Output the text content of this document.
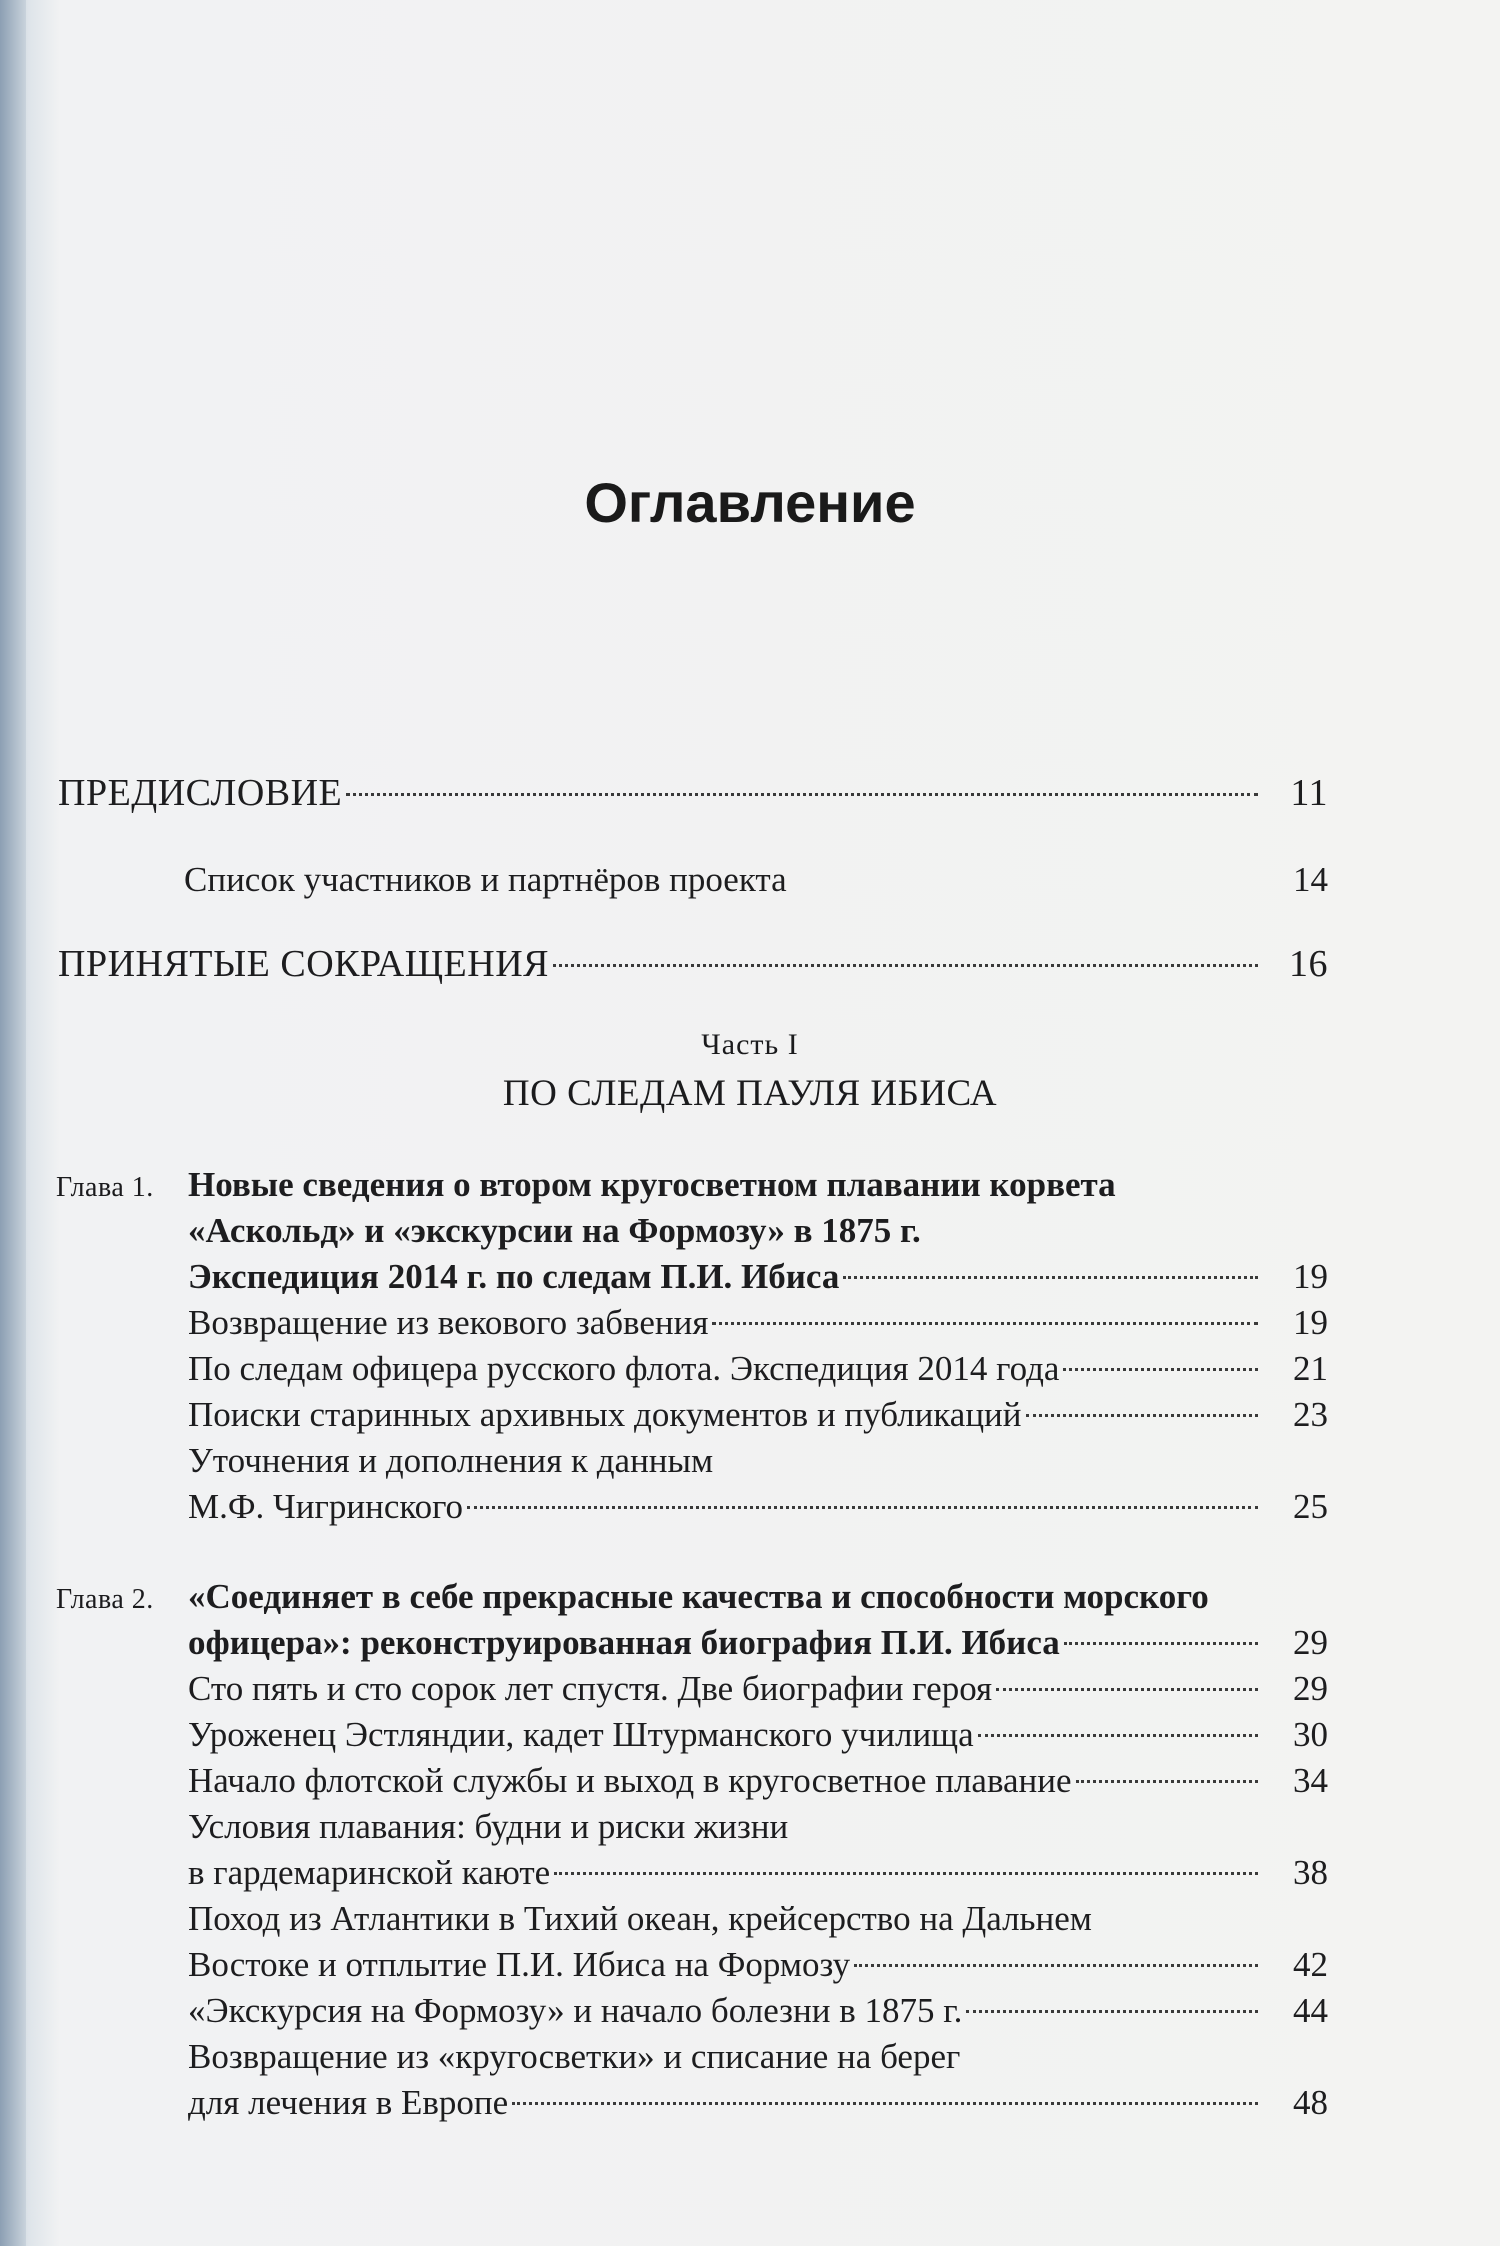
Оглавление
ПРЕДИСЛОВИЕ	11
Список участников и партнёров проекта	14
ПРИНЯТЫЕ СОКРАЩЕНИЯ	16
Часть I
ПО СЛЕДАМ ПАУЛЯ ИБИСА
Глава 1. Новые сведения о втором кругосветном плавании корвета
«Аскольд» и «экскурсии на Формозу» в 1875 г.
Экспедиция 2014 г. по следам П.И. Ибиса	19
Возвращение из векового забвения	19
По следам офицера русского флота. Экспедиция 2014 года	21
Поиски старинных архивных документов и публикаций	23
Уточнения и дополнения к данным
М.Ф. Чигринского	25
Глава 2. «Соединяет в себе прекрасные качества и способности морского
офицера»: реконструированная биография П.И. Ибиса	29
Сто пять и сто сорок лет спустя. Две биографии героя	29
Уроженец Эстляндии, кадет Штурманского училища	30
Начало флотской службы и выход в кругосветное плавание	34
Условия плавания: будни и риски жизни
в гардемаринской каюте	38
Поход из Атлантики в Тихий океан, крейсерство на Дальнем
Востоке и отплытие П.И. Ибиса на Формозу	42
«Экскурсия на Формозу» и начало болезни в 1875 г.	44
Возвращение из «кругосветки» и списание на берег
для лечения в Европе	48
